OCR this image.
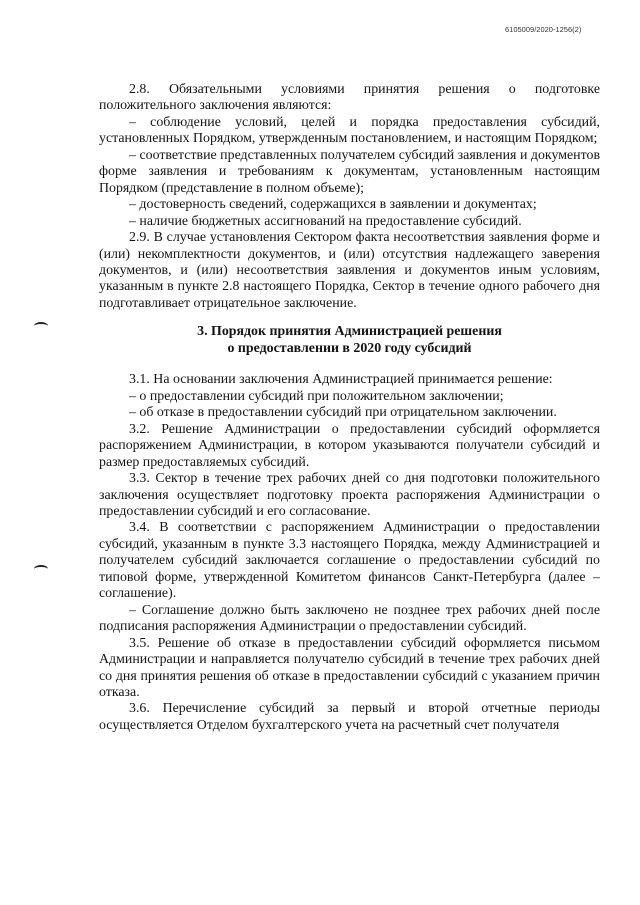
6105009/2020-1256(2)

2.8. Обязательными условиями принятия решения о подготовке положительного заключения являются:

– соблюдение условий, целей и порядка предоставления субсидий, установленных Порядком, утвержденным постановлением, и настоящим Порядком;

– соответствие представленных получателем субсидий заявления и документов форме заявления и требованиям к документам, установленным настоящим Порядком (представление в полном объеме);

– достоверность сведений, содержащихся в заявлении и документах;

– наличие бюджетных ассигнований на предоставление субсидий.

2.9. В случае установления Сектором факта несоответствия заявления форме и (или) некомплектности документов, и (или) отсутствия надлежащего заверения документов, и (или) несоответствия заявления и документов иным условиям, указанным в пункте 2.8 настоящего Порядка, Сектор в течение одного рабочего дня подготавливает отрицательное заключение.

3. Порядок принятия Администрацией решения
о предоставлении в 2020 году субсидий

3.1. На основании заключения Администрацией принимается решение:

– о предоставлении субсидий при положительном заключении;

– об отказе в предоставлении субсидий при отрицательном заключении.

3.2. Решение Администрации о предоставлении субсидий оформляется распоряжением Администрации, в котором указываются получатели субсидий и размер предоставляемых субсидий.

3.3. Сектор в течение трех рабочих дней со дня подготовки положительного заключения осуществляет подготовку проекта распоряжения Администрации о предоставлении субсидий и его согласование.

3.4. В соответствии с распоряжением Администрации о предоставлении субсидий, указанным в пункте 3.3 настоящего Порядка, между Администрацией и получателем субсидий заключается соглашение о предоставлении субсидий по типовой форме, утвержденной Комитетом финансов Санкт-Петербурга (далее – соглашение).

– Соглашение должно быть заключено не позднее трех рабочих дней после подписания распоряжения Администрации о предоставлении субсидий.

3.5. Решение об отказе в предоставлении субсидий оформляется письмом Администрации и направляется получателю субсидий в течение трех рабочих дней со дня принятия решения об отказе в предоставлении субсидий с указанием причин отказа.

3.6. Перечисление субсидий за первый и второй отчетные периоды осуществляется Отделом бухгалтерского учета на расчетный счет получателя
